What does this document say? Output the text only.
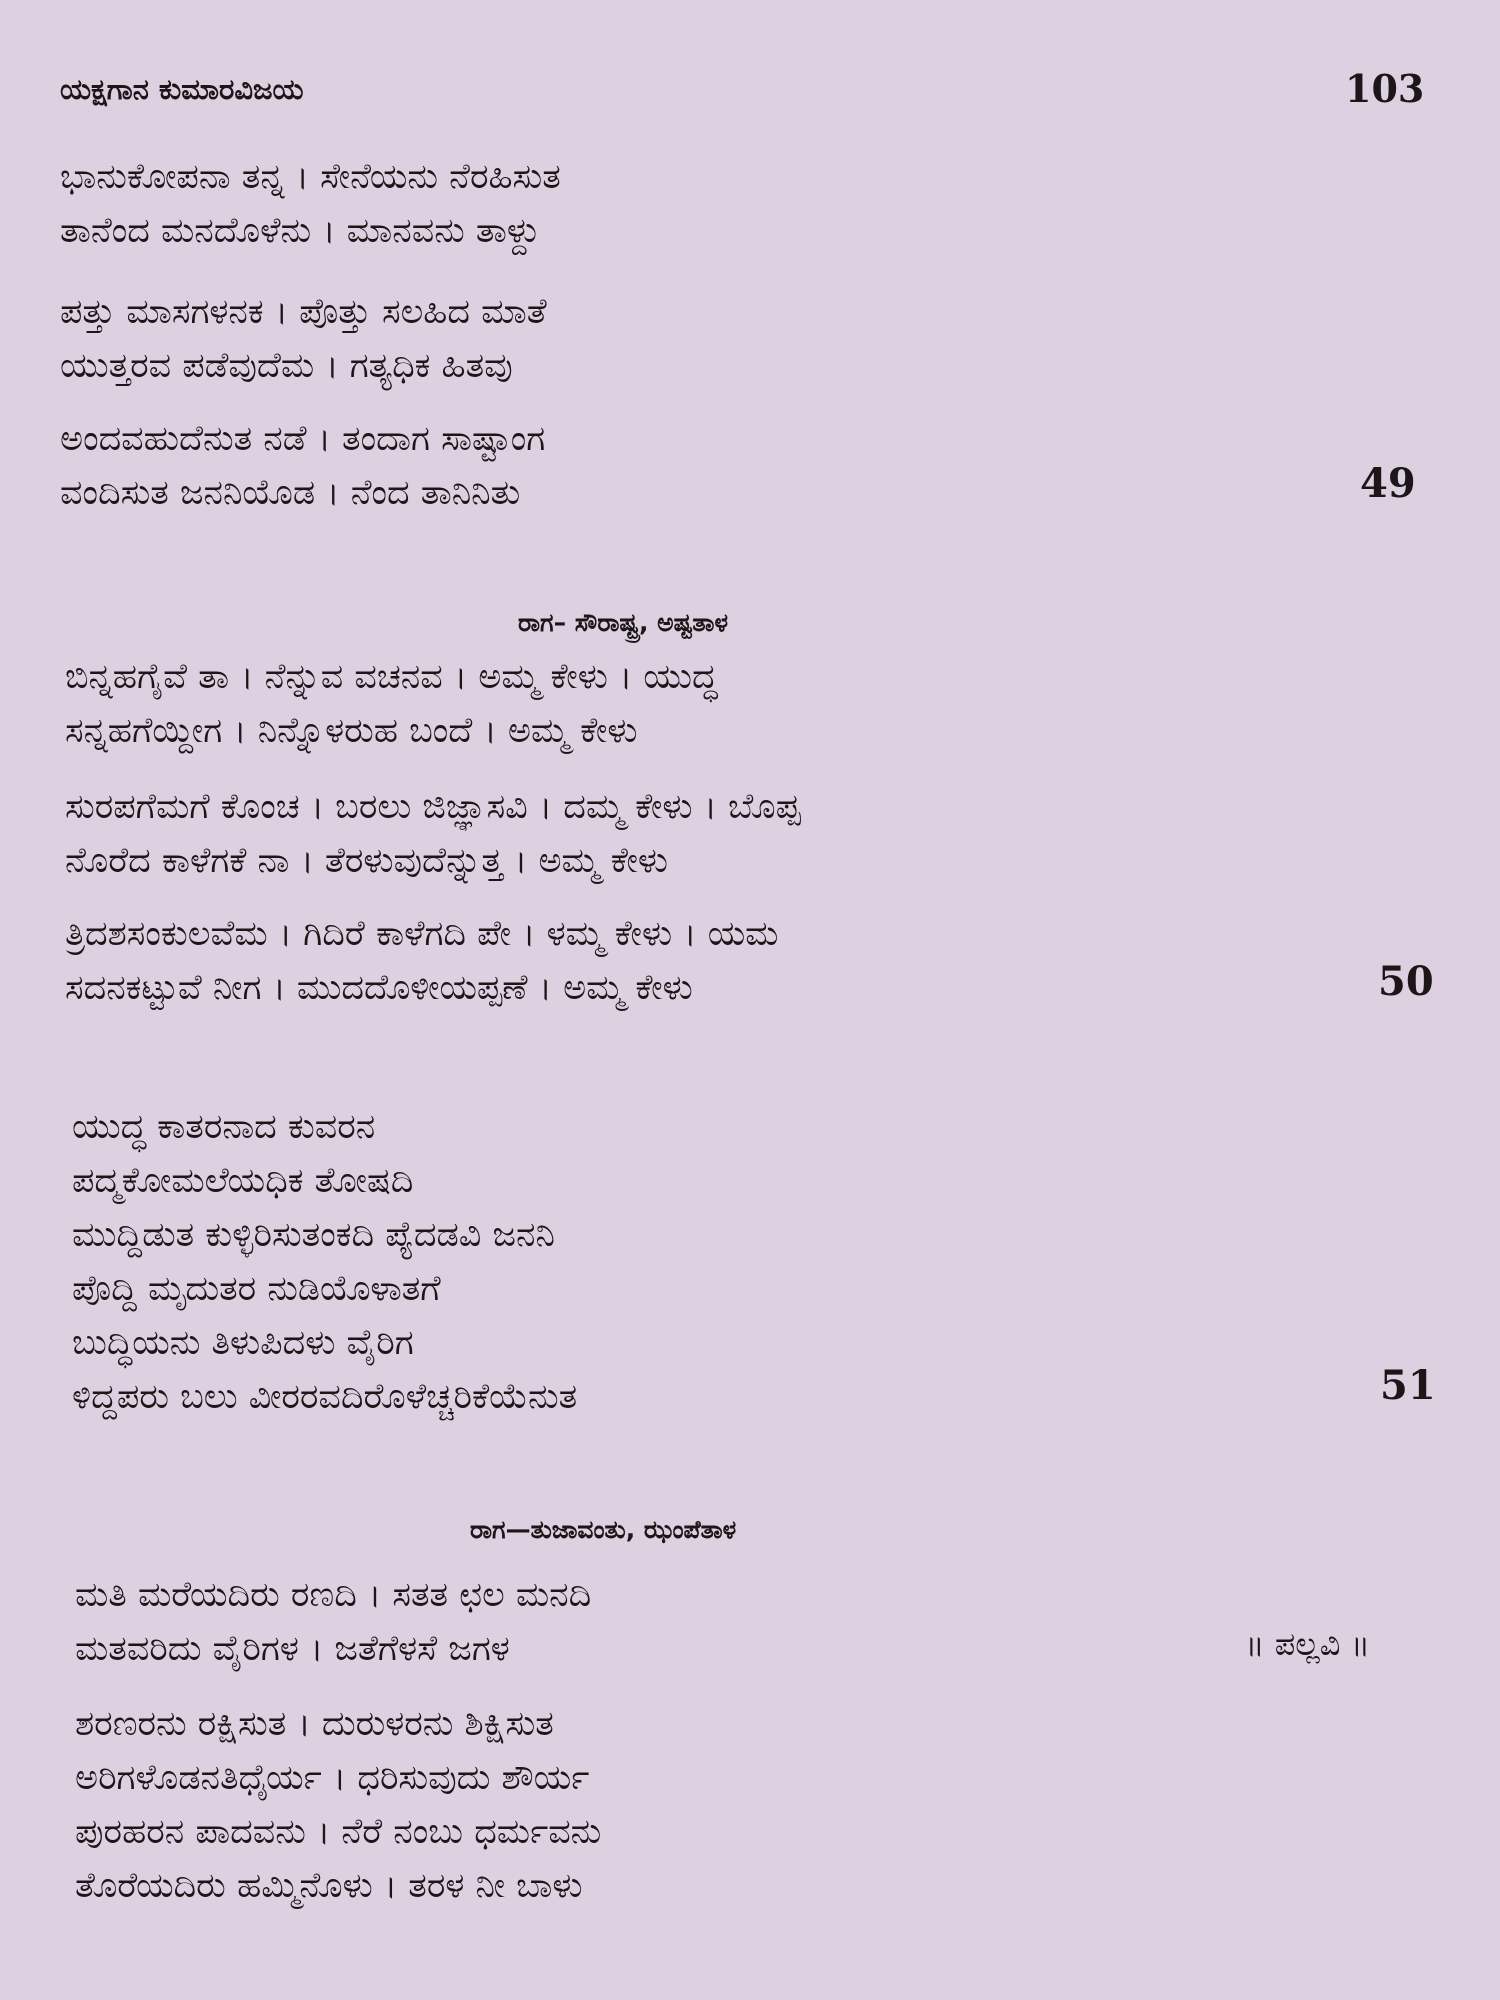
ಯಕ್ಷಗಾನ ಕುಮಾರವಿಜಯ	103
ಭಾನುಕೋಪನಾ ತನ್ನ । ಸೇನೆಯನು ನೆರಹಿಸುತ
ತಾನೆಂದ ಮನದೊಳೆನು । ಮಾನವನು ತಾಳ್ದು
ಪತ್ತು ಮಾಸಗಳನಕ । ಪೊತ್ತು ಸಲಹಿದ ಮಾತೆ
ಯುತ್ತರವ ಪಡೆವುದೆಮ । ಗತ್ಯಧಿಕ ಹಿತವು
ಅಂದವಹುದೆನುತ ನಡೆ । ತಂದಾಗ ಸಾಷ್ಟಾಂಗ
ವಂದಿಸುತ ಜನನಿಯೊಡ । ನೆಂದ ತಾನಿನಿತು	49
ರಾಗ– ಸೌರಾಷ್ಟ್ರ, ಅಷ್ಟತಾಳ
ಬಿನ್ನಹಗೈವೆ ತಾ । ನೆನ್ನುವ ವಚನವ । ಅಮ್ಮ ಕೇಳು । ಯುದ್ಧ
ಸನ್ನಹಗೆಯ್ದೀಗ । ನಿನ್ನೊಳರುಹ ಬಂದೆ । ಅಮ್ಮ ಕೇಳು
ಸುರಪಗೆಮಗೆ ಕೊಂಚ । ಬರಲು ಜಿಜ್ಞಾಸವಿ । ದಮ್ಮ ಕೇಳು । ಬೊಪ್ಪ
ನೊರೆದ ಕಾಳೆಗಕೆ ನಾ । ತೆರಳುವುದೆನ್ನುತ್ತ । ಅಮ್ಮ ಕೇಳು
ತ್ರಿದಶಸಂಕುಲವೆಮ । ಗಿದಿರೆ ಕಾಳೆಗದಿ ಪೇ । ಳಮ್ಮ ಕೇಳು । ಯಮ
ಸದನಕಟ್ಟುವೆ ನೀಗ । ಮುದದೊಳೀಯಪ್ಪಣೆ । ಅಮ್ಮ ಕೇಳು	50
ಯುದ್ಧ ಕಾತರನಾದ ಕುವರನ
ಪದ್ಮಕೋಮಲೆಯಧಿಕ ತೋಷದಿ
ಮುದ್ದಿಡುತ ಕುಳ್ಳಿರಿಸುತಂಕದಿ ಪ್ಯೆದಡವಿ ಜನನಿ
ಪೊದ್ದಿ ಮೃದುತರ ನುಡಿಯೊಳಾತಗೆ
ಬುದ್ಧಿಯನು ತಿಳುಪಿದಳು ವೈರಿಗ
ಳಿದ್ದಪರು ಬಲು ವೀರರವದಿರೊಳೆಚ್ಚರಿಕೆಯೆನುತ	51
ರಾಗ—ತುಜಾವಂತು, ಝಂಪೆತಾಳ
ಮತಿ ಮರೆಯದಿರು ರಣದಿ । ಸತತ ಛಲ ಮನದಿ
ಮತವರಿದು ವೈರಿಗಳ । ಜತೆಗೆಳಸೆ ಜಗಳ	॥ ಪಲ್ಲವಿ ॥
ಶರಣರನು ರಕ್ಷಿಸುತ । ದುರುಳರನು ಶಿಕ್ಷಿಸುತ
ಅರಿಗಳೊಡನತಿಧೈರ್ಯ । ಧರಿಸುವುದು ಶೌರ್ಯ
ಪುರಹರನ ಪಾದವನು । ನೆರೆ ನಂಬು ಧರ್ಮವನು
ತೊರೆಯದಿರು ಹಮ್ಮಿನೊಳು । ತರಳ ನೀ ಬಾಳು
